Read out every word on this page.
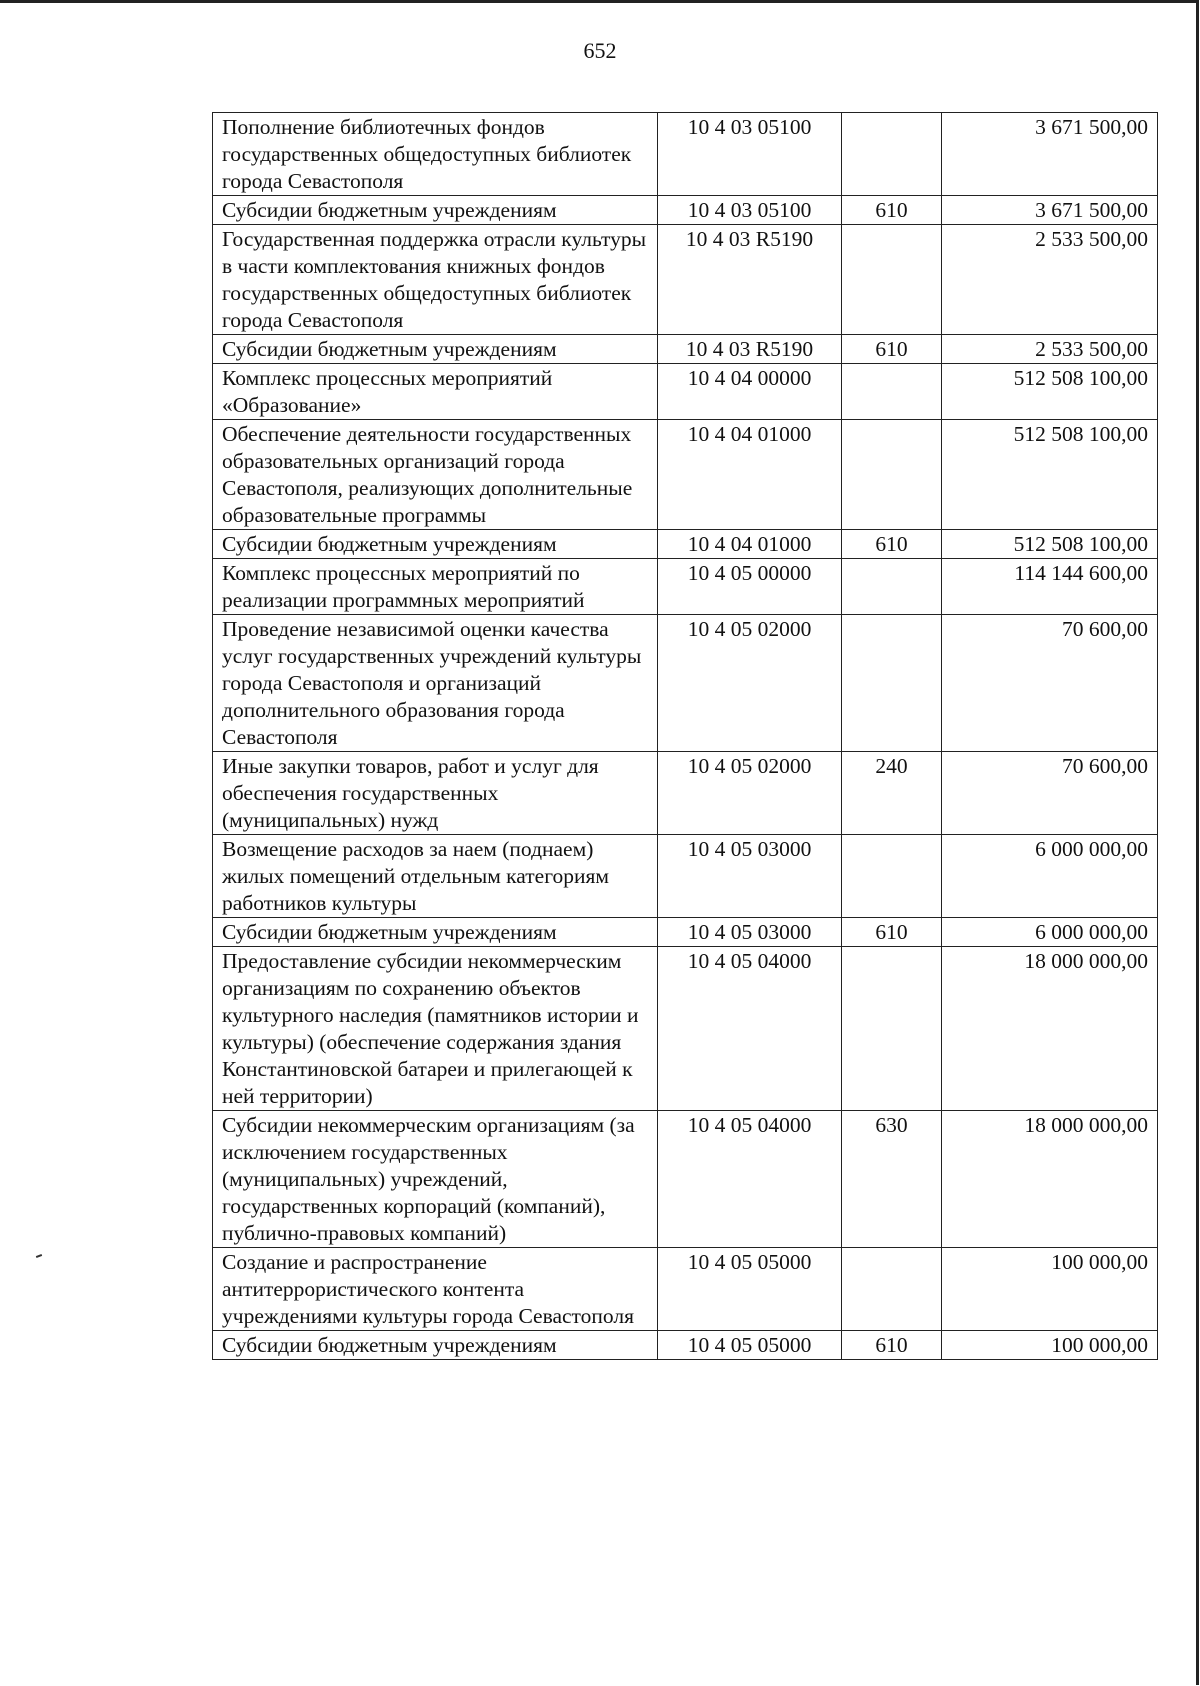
652
Пополнение библиотечных фондов государственных общедоступных библиотек города Севастополя	10 4 03 05100		3 671 500,00
Субсидии бюджетным учреждениям	10 4 03 05100	610	3 671 500,00
Государственная поддержка отрасли культуры в части комплектования книжных фондов государственных общедоступных библиотек города Севастополя	10 4 03 R5190		2 533 500,00
Субсидии бюджетным учреждениям	10 4 03 R5190	610	2 533 500,00
Комплекс процессных мероприятий «Образование»	10 4 04 00000		512 508 100,00
Обеспечение деятельности государственных образовательных организаций города Севастополя, реализующих дополнительные образовательные программы	10 4 04 01000		512 508 100,00
Субсидии бюджетным учреждениям	10 4 04 01000	610	512 508 100,00
Комплекс процессных мероприятий по реализации программных мероприятий	10 4 05 00000		114 144 600,00
Проведение независимой оценки качества услуг государственных учреждений культуры города Севастополя и организаций дополнительного образования города Севастополя	10 4 05 02000		70 600,00
Иные закупки товаров, работ и услуг для обеспечения государственных (муниципальных) нужд	10 4 05 02000	240	70 600,00
Возмещение расходов за наем (поднаем) жилых помещений отдельным категориям работников культуры	10 4 05 03000		6 000 000,00
Субсидии бюджетным учреждениям	10 4 05 03000	610	6 000 000,00
Предоставление субсидии некоммерческим организациям по сохранению объектов культурного наследия (памятников истории и культуры) (обеспечение содержания здания Константиновской батареи и прилегающей к ней территории)	10 4 05 04000		18 000 000,00
Субсидии некоммерческим организациям (за исключением государственных (муниципальных) учреждений, государственных корпораций (компаний), публично-правовых компаний)	10 4 05 04000	630	18 000 000,00
Создание и распространение антитеррористического контента учреждениями культуры города Севастополя	10 4 05 05000		100 000,00
Субсидии бюджетным учреждениям	10 4 05 05000	610	100 000,00
